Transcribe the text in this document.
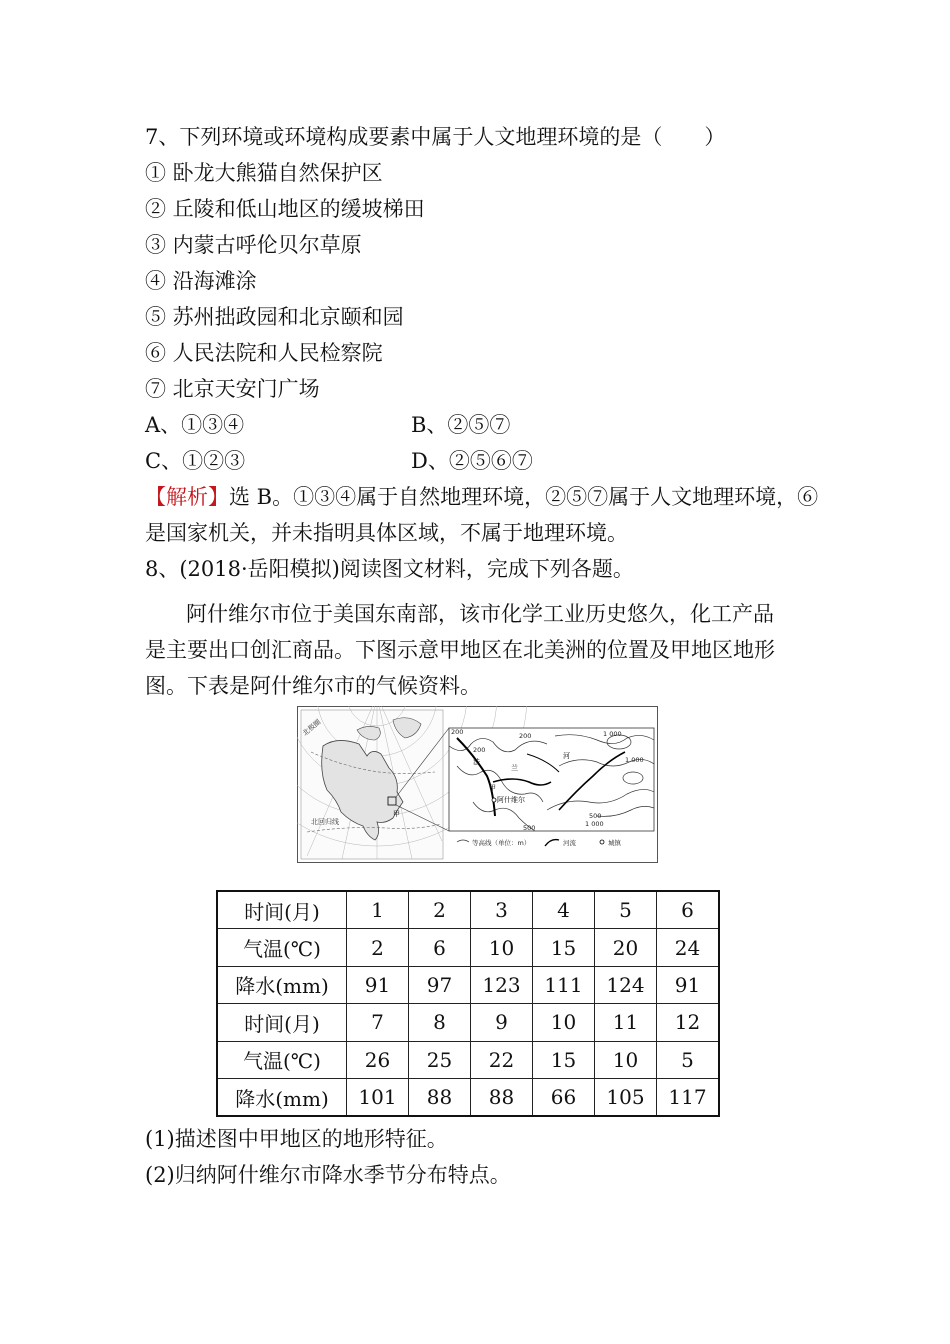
7、下列环境或环境构成要素中属于人文地理环境的是（　　）
① 卧龙大熊猫自然保护区
② 丘陵和低山地区的缓坡梯田
③ 内蒙古呼伦贝尔草原
④ 沿海滩涂
⑤ 苏州拙政园和北京颐和园
⑥ 人民法院和人民检察院
⑦ 北京天安门广场
A、①③④	B、②⑤⑦
C、①②③	D、②⑤⑥⑦
【解析】选 B。①③④属于自然地理环境，②⑤⑦属于人文地理环境，⑥
是国家机关，并未指明具体区域，不属于地理环境。
8、(2018·岳阳模拟)阅读图文材料，完成下列各题。
阿什维尔市位于美国东南部，该市化学工业历史悠久，化工产品
是主要出口创汇商品。下图示意甲地区在北美洲的位置及甲地区地形
图。下表是阿什维尔市的气候资料。
北极圈
北回归线
甲
200
200
200	1 000
1 000
500
500	1 000
法
兰
河
甲
阿什维尔
等高线（单位：m）	河流	城镇
时间(月)	1	2	3	4	5	6
气温(℃)	2	6	10	15	20	24
降水(mm)	91	97	123	111	124	91
时间(月)	7	8	9	10	11	12
气温(℃)	26	25	22	15	10	5
降水(mm)	101	88	88	66	105	117
(1)描述图中甲地区的地形特征。
(2)归纳阿什维尔市降水季节分布特点。
